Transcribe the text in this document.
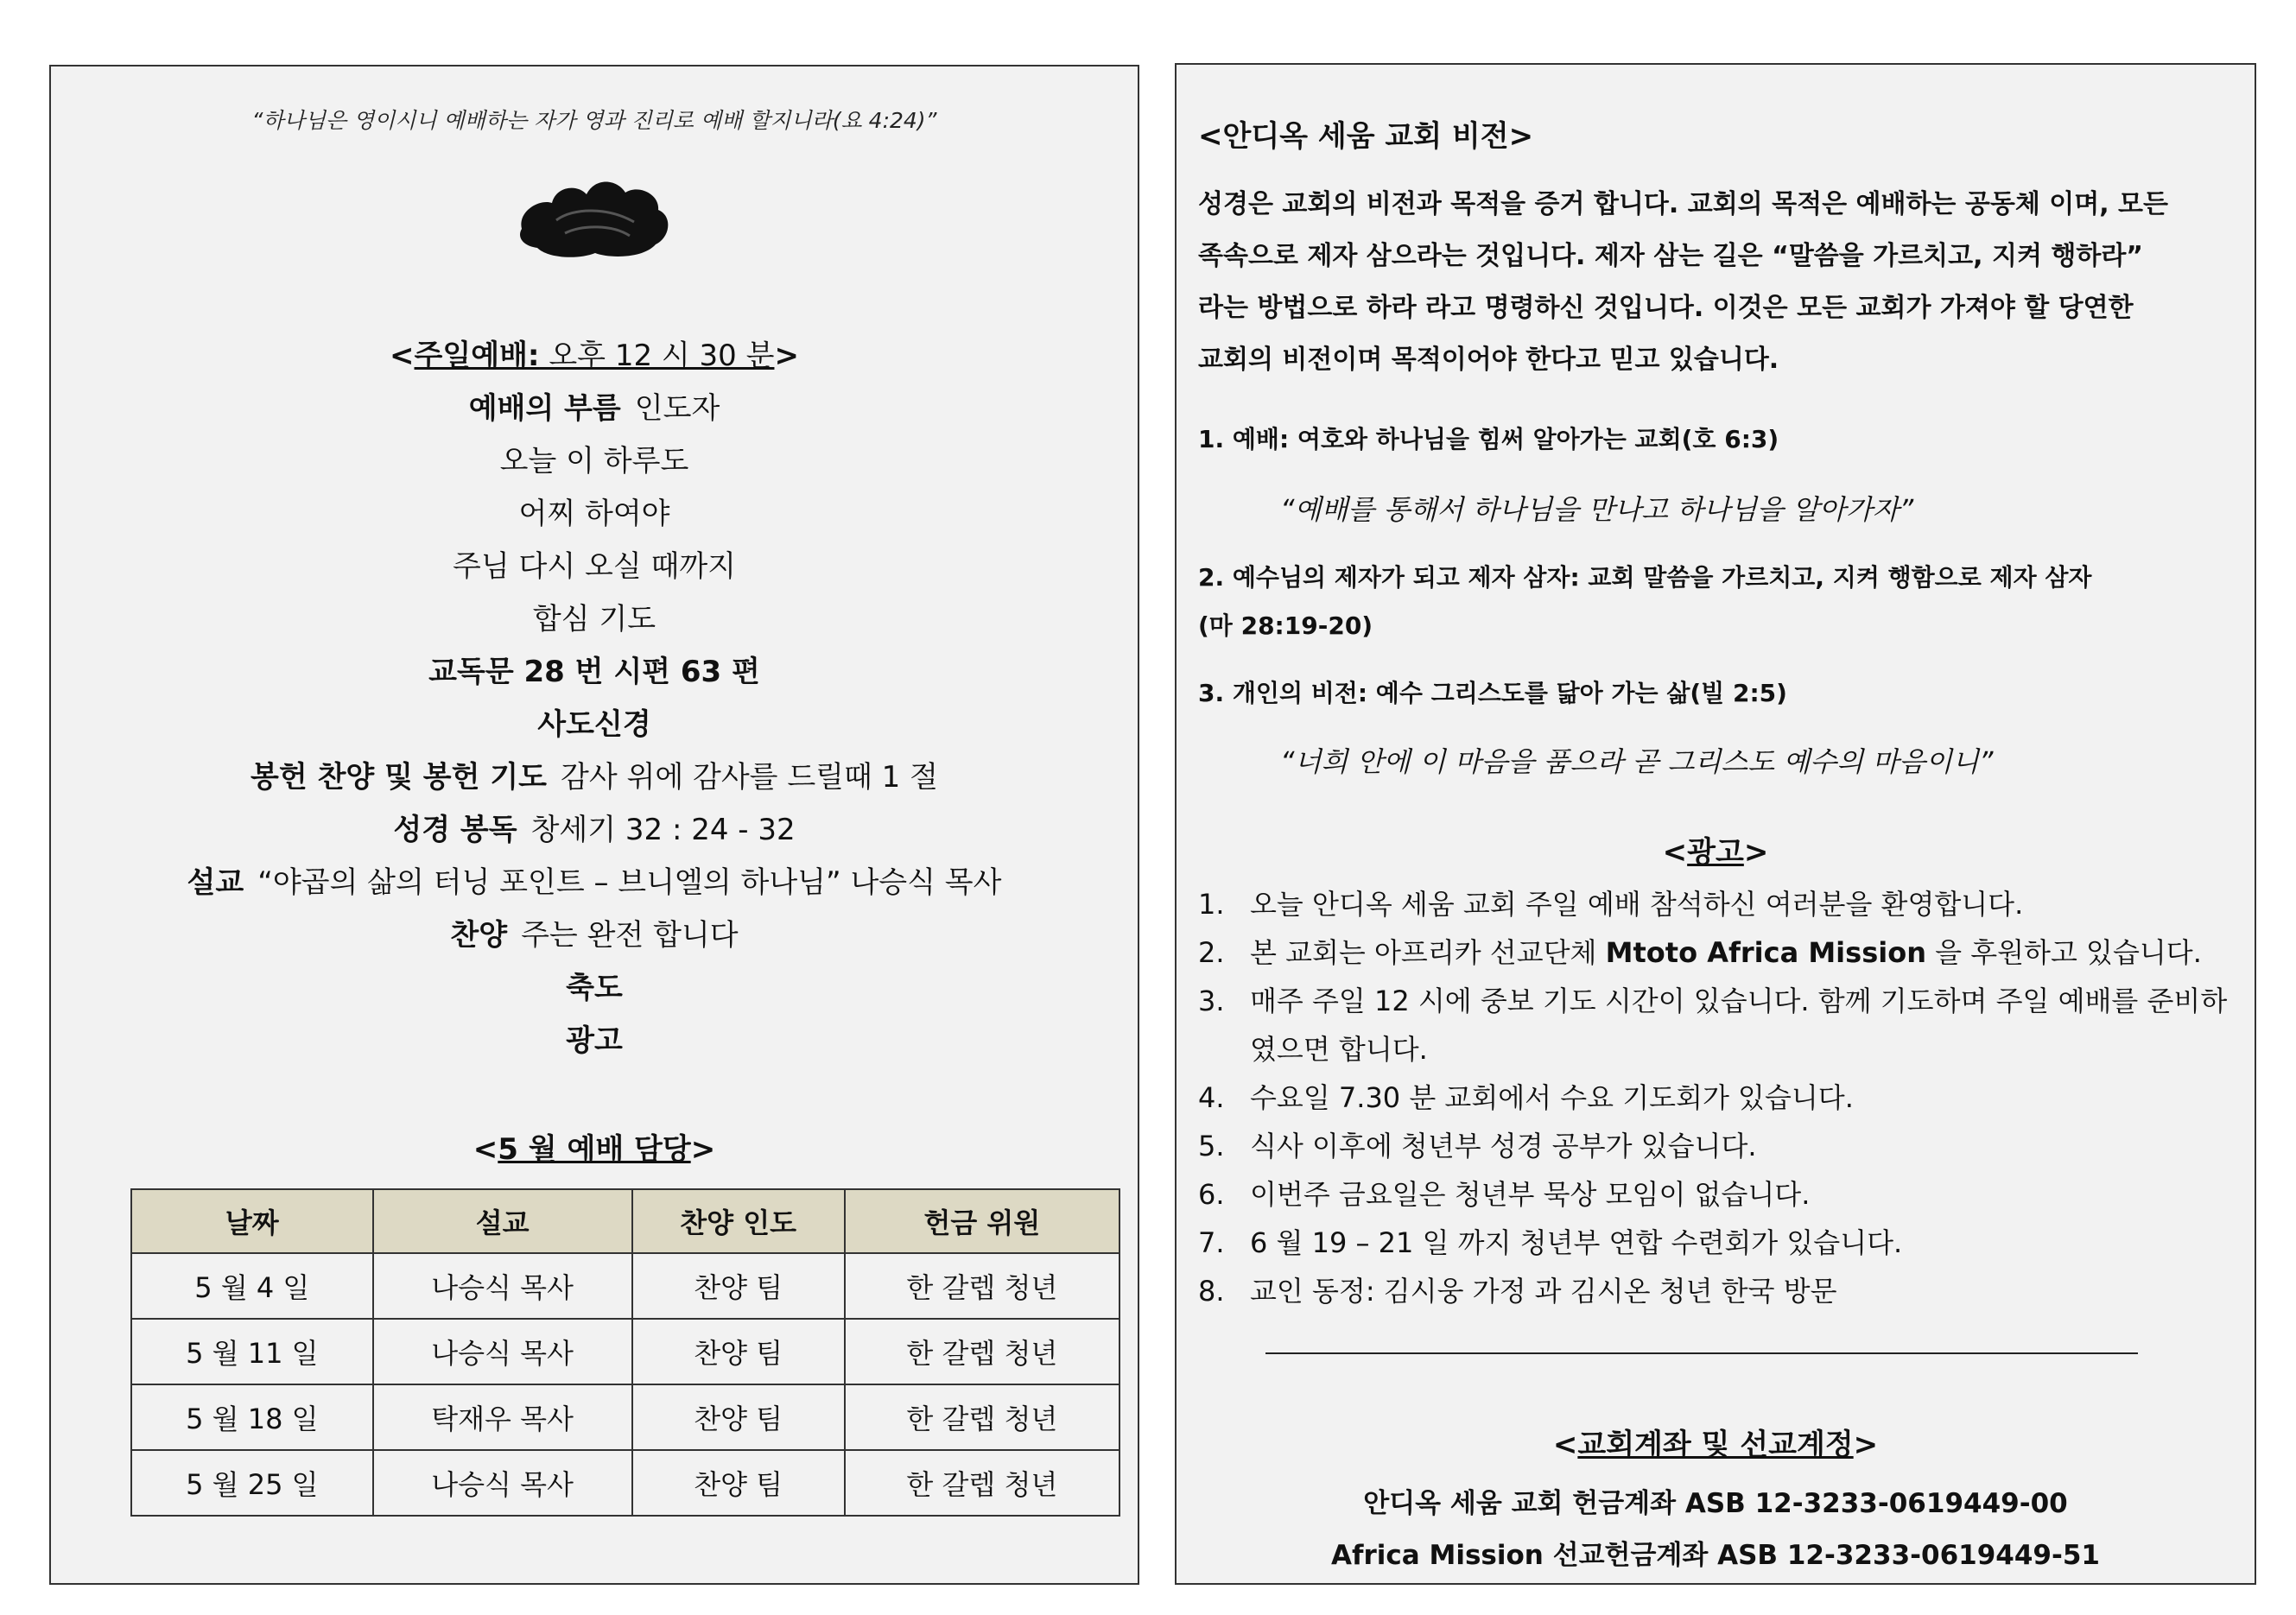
“하나님은 영이시니 예배하는 자가 영과 진리로 예배 할지니라(요 4:24)”
<주일예배: 오후 12 시 30 분>
예배의 부름 인도자
오늘 이 하루도
어찌 하여야
주님 다시 오실 때까지
합심 기도
교독문 28 번 시편 63 편
사도신경
봉헌 찬양 및 봉헌 기도 감사 위에 감사를 드릴때 1 절
성경 봉독 창세기 32 : 24 - 32
설교 “야곱의 삶의 터닝 포인트 – 브니엘의 하나님” 나승식 목사
찬양 주는 완전 합니다
축도
광고
<5 월 예배 담당>
날짜	설교	찬양 인도	헌금 위원
5 월 4 일	나승식 목사	찬양 팀	한 갈렙 청년
5 월 11 일	나승식 목사	찬양 팀	한 갈렙 청년
5 월 18 일	탁재우 목사	찬양 팀	한 갈렙 청년
5 월 25 일	나승식 목사	찬양 팀	한 갈렙 청년
<안디옥 세움 교회 비전>
성경은 교회의 비전과 목적을 증거 합니다. 교회의 목적은 예배하는 공동체 이며, 모든
족속으로 제자 삼으라는 것입니다. 제자 삼는 길은 “말씀을 가르치고, 지켜 행하라”
라는 방법으로 하라 라고 명령하신 것입니다. 이것은 모든 교회가 가져야 할 당연한
교회의 비전이며 목적이어야 한다고 믿고 있습니다.
1. 예배: 여호와 하나님을 힘써 알아가는 교회(호 6:3)
“예배를 통해서 하나님을 만나고 하나님을 알아가자”
2. 예수님의 제자가 되고 제자 삼자: 교회 말씀을 가르치고, 지켜 행함으로 제자 삼자
(마 28:19-20)
3. 개인의 비전: 예수 그리스도를 닮아 가는 삶(빌 2:5)
“너희 안에 이 마음을 품으라 곧 그리스도 예수의 마음이니”
<광고>
1. 오늘 안디옥 세움 교회 주일 예배 참석하신 여러분을 환영합니다.
2. 본 교회는 아프리카 선교단체 Mtoto Africa Mission 을 후원하고 있습니다.
3. 매주 주일 12 시에 중보 기도 시간이 있습니다. 함께 기도하며 주일 예배를 준비하였으면 합니다.
4. 수요일 7.30 분 교회에서 수요 기도회가 있습니다.
5. 식사 이후에 청년부 성경 공부가 있습니다.
6. 이번주 금요일은 청년부 묵상 모임이 없습니다.
7. 6 월 19 – 21 일 까지 청년부 연합 수련회가 있습니다.
8. 교인 동정: 김시웅 가정 과 김시온 청년 한국 방문
<교회계좌 및 선교계정>
안디옥 세움 교회 헌금계좌 ASB 12-3233-0619449-00
Africa Mission 선교헌금계좌 ASB 12-3233-0619449-51
